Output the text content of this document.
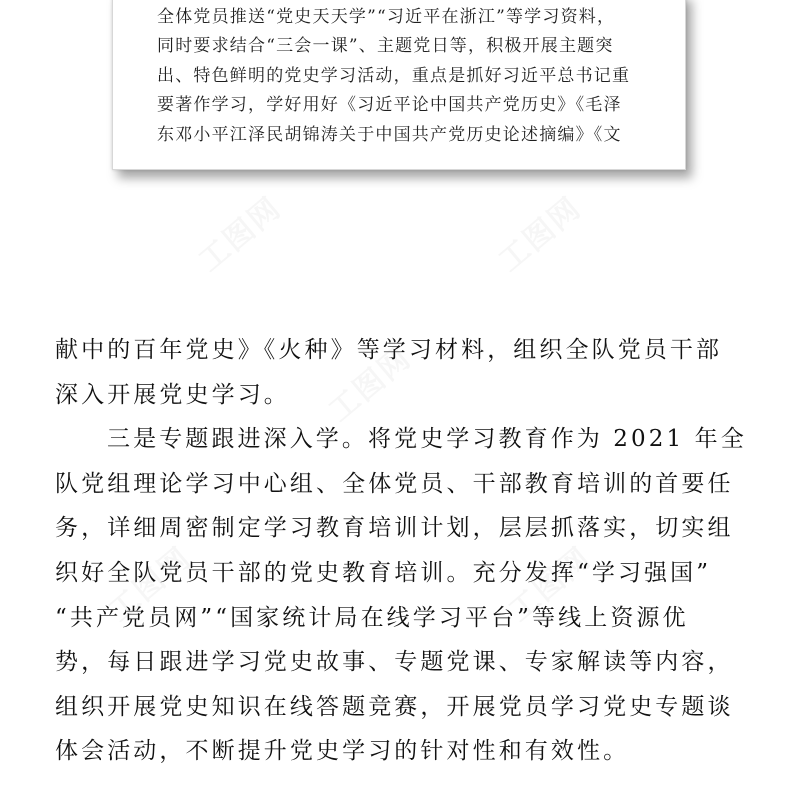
工图网	工图网
工图网
工图网	工图网
全体党员推送“党史天天学”“习近平在浙江”等学习资料，
同时要求结合“三会一课”、主题党日等，积极开展主题突
出、特色鲜明的党史学习活动，重点是抓好习近平总书记重
要著作学习，学好用好《习近平论中国共产党历史》《毛泽
东邓小平江泽民胡锦涛关于中国共产党历史论述摘编》《文
献中的百年党史》《火种》等学习材料，组织全队党员干部
深入开展党史学习。
三是专题跟进深入学。将党史学习教育作为 2021 年全
队党组理论学习中心组、全体党员、干部教育培训的首要任
务，详细周密制定学习教育培训计划，层层抓落实，切实组
织好全队党员干部的党史教育培训。充分发挥“学习强国”
“共产党员网”“国家统计局在线学习平台”等线上资源优
势，每日跟进学习党史故事、专题党课、专家解读等内容，
组织开展党史知识在线答题竞赛，开展党员学习党史专题谈
体会活动，不断提升党史学习的针对性和有效性。
